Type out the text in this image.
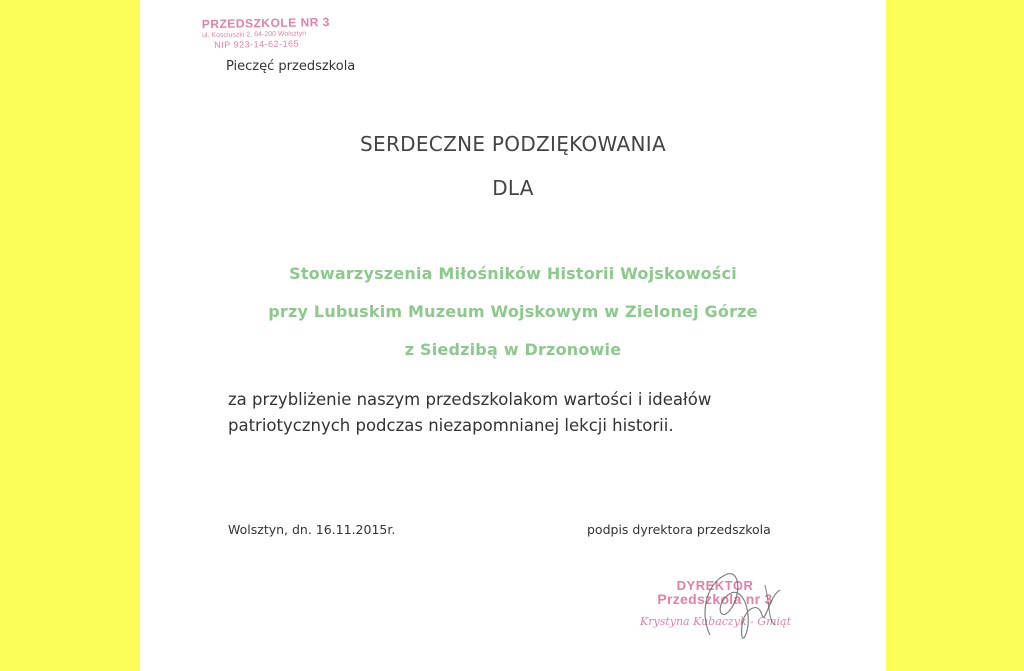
PRZEDSZKOLE NR 3
ul. Kosciuszki 2, 64-200 Wolsztyn
NIP 923-14-62-165
Pieczęć przedszkola
SERDECZNE PODZIĘKOWANIA
DLA
Stowarzyszenia Miłośników Historii Wojskowości
przy Lubuskim Muzeum Wojskowym w Zielonej Górze
z Siedzibą w Drzonowie
za przybliżenie naszym przedszkolakom wartości i ideałów
patriotycznych podczas niezapomnianej lekcji historii.
Wolsztyn, dn. 16.11.2015r.	podpis dyrektora przedszkola
DYREKTOR
Przedszkola nr 3
Krystyna Kubaczyk - Gmiąt
